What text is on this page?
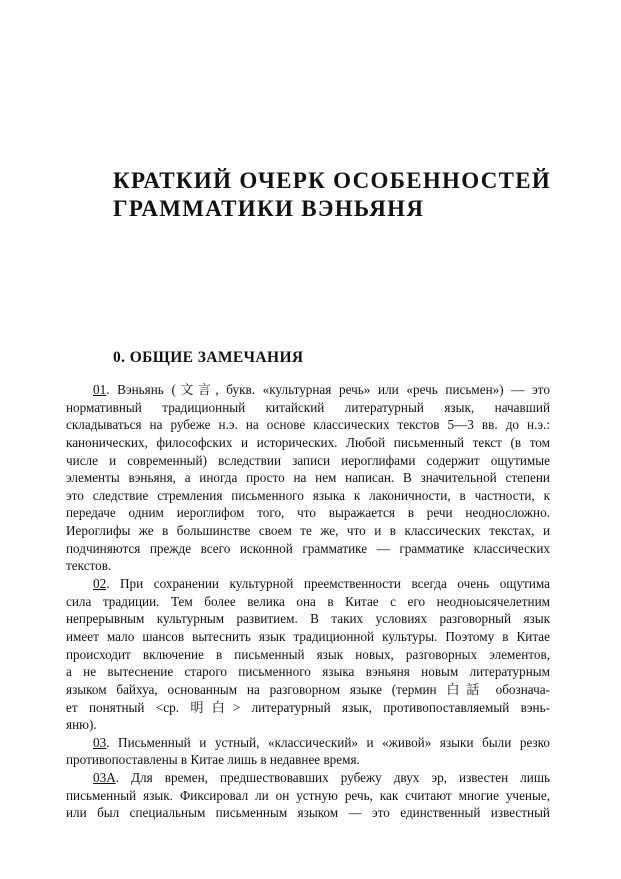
КРАТКИЙ ОЧЕРК ОСОБЕННОСТЕЙ
ГРАММАТИКИ ВЭНЬЯНЯ
0. ОБЩИЕ ЗАМЕЧАНИЯ
01. Вэньянь (文言, букв. «культурная речь» или «речь письмен») — это
нормативный традиционный китайский литературный язык, начавший
складываться на рубеже н.э. на основе классических текстов 5—3 вв. до н.э.:
канонических, философских и исторических. Любой письменный текст (в том
числе и современный) вследствии записи иероглифами содержит ощутимые
элементы вэньяня, а иногда просто на нем написан. В значительной степени
это следствие стремления письменного языка к лаконичности, в частности, к
передаче одним иероглифом того, что выражается в речи неодносложно.
Иероглифы же в большинстве своем те же, что и в классических текстах, и
подчиняются прежде всего исконной грамматике — грамматике классических
текстов.
02. При сохранении культурной преемственности всегда очень ощутима
сила традиции. Тем более велика она в Китае с его неодноысячелетним
непрерывным культурным развитием. В таких условиях разговорный язык
имеет мало шансов вытеснить язык традиционной культуры. Поэтому в Китае
происходит включение в письменный язык новых, разговорных элементов,
а не вытеснение старого письменного языка вэньяня новым литературным
языком байхуа, основанным на разговорном языке (термин 白話 обознача-
ет понятный <ср. 明白> литературный язык, противопоставляемый вэнь-
яню).
03. Письменный и устный, «классический» и «живой» языки были резко
противопоставлены в Китае лишь в недавнее время.
03А. Для времен, предшествовавших рубежу двух эр, известен лишь
письменный язык. Фиксировал ли он устную речь, как считают многие ученые,
или был специальным письменным языком — это единственный известный
